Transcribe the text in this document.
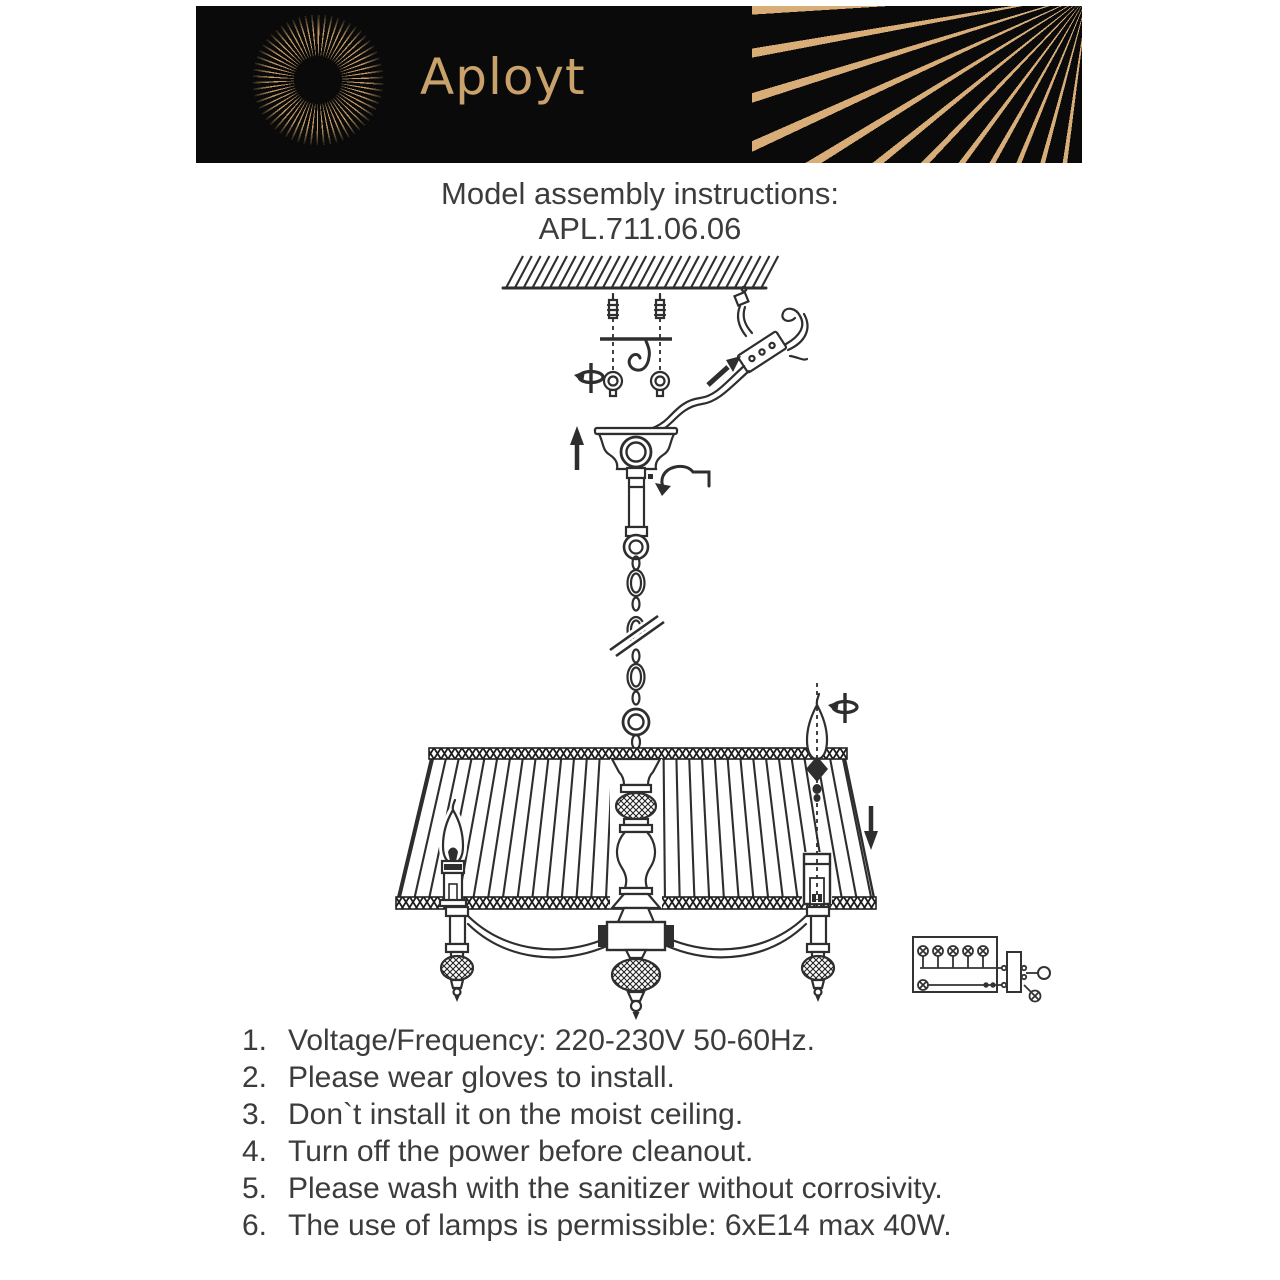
Aployt
Model assembly instructions:
APL.711.06.06
1. Voltage/Frequency: 220-230V 50-60Hz.
2. Please wear gloves to install.
3. Don`t install it on the moist ceiling.
4. Turn off the power before cleanout.
5. Please wash with the sanitizer without corrosivity.
6. The use of lamps is permissible: 6xE14 max 40W.
